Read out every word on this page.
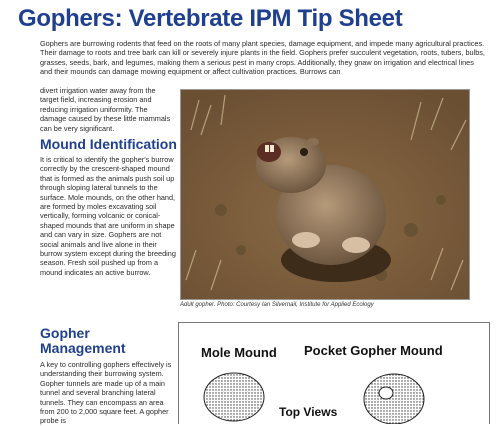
Gophers: Vertebrate IPM Tip Sheet
Gophers are burrowing rodents that feed on the roots of many plant species, damage equipment, and impede many agricultural practices. Their damage to roots and tree bark can kill or severely injure plants in the field. Gophers prefer succulent vegetation, roots, tubers, bulbs, grasses, seeds, bark, and legumes, making them a serious pest in many crops. Additionally, they gnaw on irrigation and electrical lines and their mounds can damage mowing equipment or affect cultivation practices. Burrows can
divert irrigation water away from the target field, increasing erosion and reducing irrigation uniformity. The damage caused by these little mammals can be very significant.
Mound Identification
It is critical to identify the gopher's burrow correctly by the crescent-shaped mound that is formed as the animals push soil up through sloping lateral tunnels to the surface. Mole mounds, on the other hand, are formed by moles excavating soil vertically, forming volcanic or conical-shaped mounds that are uniform in shape and can vary in size. Gophers are not social animals and live alone in their burrow system except during the breeding season. Fresh soil pushed up from a mound indicates an active burrow.
Gopher Management
A key to controlling gophers effectively is understanding their burrowing system. Gopher tunnels are made up of a main tunnel and several branching lateral tunnels. They can encompass an area from 200 to 2,000 square feet. A gopher probe is
Adult gopher. Photo: Courtesy Ian Silvernail, Institute for Applied Ecology
Mole Mound Pocket Gopher Mound
Top Views
